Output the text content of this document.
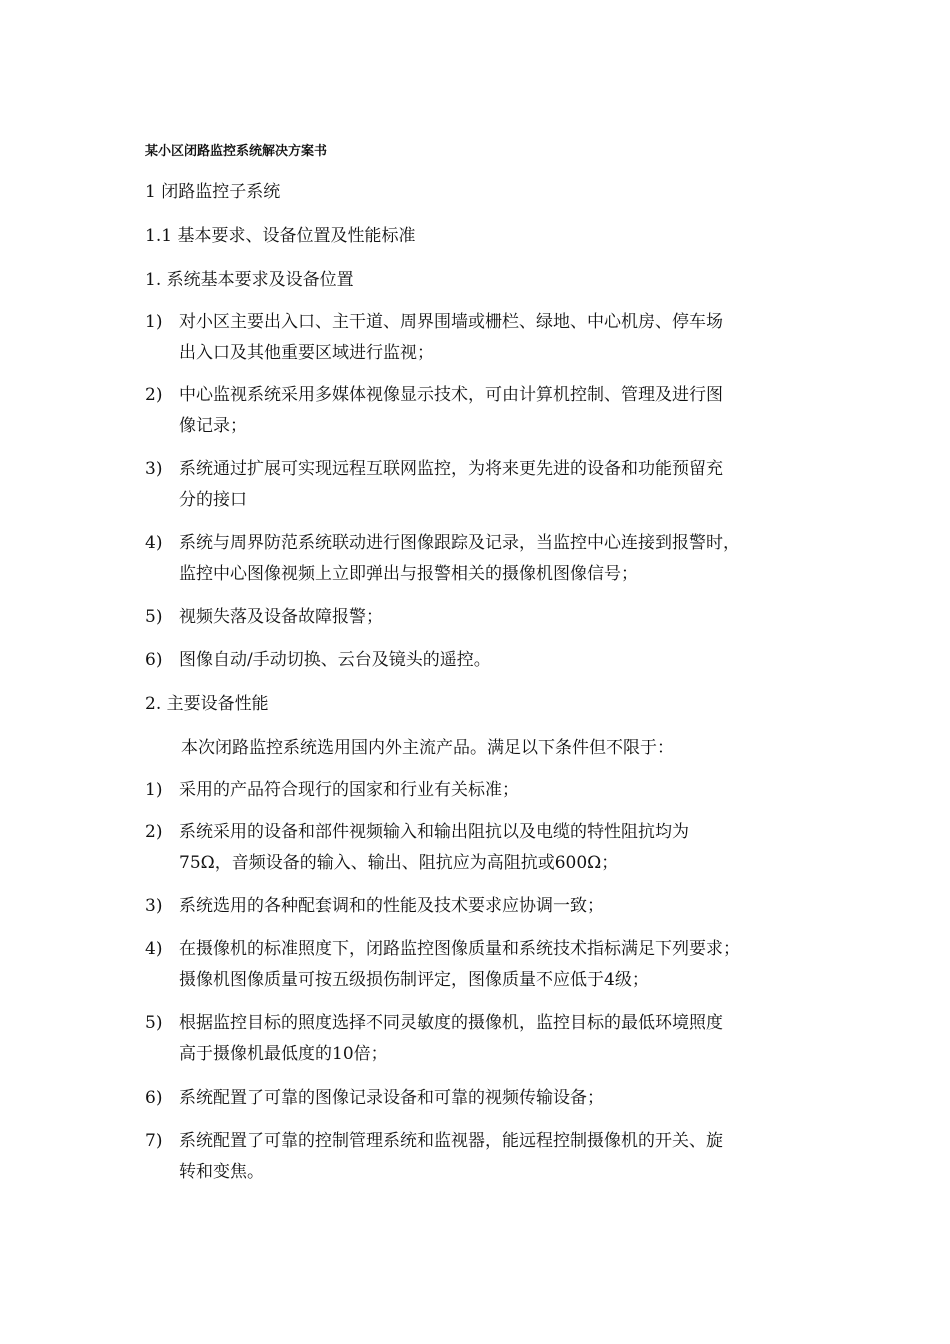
某小区闭路监控系统解决方案书
1 闭路监控子系统
1.1 基本要求、设备位置及性能标准
1. 系统基本要求及设备位置
1) 对小区主要出入口、主干道、周界围墙或栅栏、绿地、中心机房、停车场
出入口及其他重要区域进行监视；
2) 中心监视系统采用多媒体视像显示技术，可由计算机控制、管理及进行图
像记录；
3) 系统通过扩展可实现远程互联网监控，为将来更先进的设备和功能预留充
分的接口
4) 系统与周界防范系统联动进行图像跟踪及记录，当监控中心连接到报警时，
监控中心图像视频上立即弹出与报警相关的摄像机图像信号；
5) 视频失落及设备故障报警；
6) 图像自动/手动切换、云台及镜头的遥控。
2. 主要设备性能
本次闭路监控系统选用国内外主流产品。满足以下条件但不限于：
1) 采用的产品符合现行的国家和行业有关标准；
2) 系统采用的设备和部件视频输入和输出阻抗以及电缆的特性阻抗均为
75Ω，音频设备的输入、输出、阻抗应为高阻抗或600Ω；
3) 系统选用的各种配套调和的性能及技术要求应协调一致；
4) 在摄像机的标准照度下，闭路监控图像质量和系统技术指标满足下列要求；
摄像机图像质量可按五级损伤制评定，图像质量不应低于4级；
5) 根据监控目标的照度选择不同灵敏度的摄像机，监控目标的最低环境照度
高于摄像机最低度的10倍；
6) 系统配置了可靠的图像记录设备和可靠的视频传输设备；
7) 系统配置了可靠的控制管理系统和监视器，能远程控制摄像机的开关、旋
转和变焦。
